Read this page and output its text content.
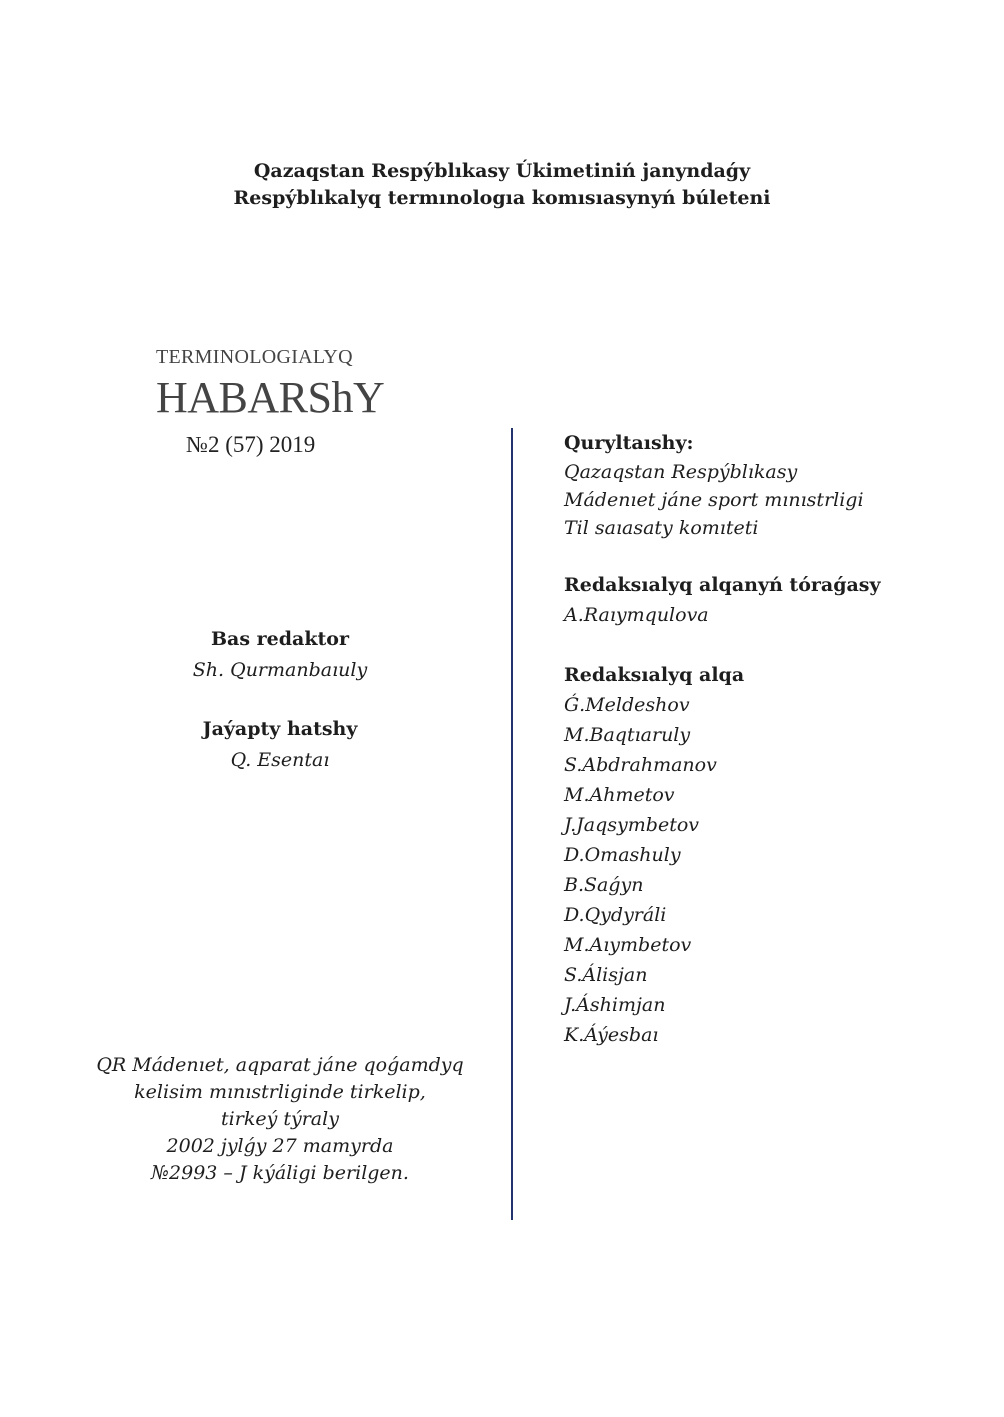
Qazaqstan Respýblıkasy Úkimetiniń janyndaǵy
Respýblıkalyq termınologıa komısıasynyń búleteni
TERMINOLOGIALYQ
HABARShY
№2 (57) 2019
Bas redaktor
Sh. Qurmanbaıuly
Jaýapty hatshy
Q. Esentaı
Quryltaıshy:
Qazaqstan Respýblıkasy
Mádenıet jáne sport mınıstrligi
Til saıasaty komıteti
Redaksıalyq alqanyń tóraǵasy
A.Raıymqulova
Redaksıalyq alqa
Ǵ.Meldeshov
M.Baqtıaruly
S.Abdrahmanov
M.Ahmetov
J.Jaqsymbetov
D.Omashuly
B.Saǵyn
D.Qydyráli
M.Aıymbetov
S.Álisjan
J.Áshimjan
K.Áýesbaı
QR Mádenıet, aqparat jáne qoǵamdyq
kelisim mınıstrliginde tirkelip,
tirkeý týraly
2002 jylǵy 27 mamyrda
№2993 – J kýáligi berilgen.
